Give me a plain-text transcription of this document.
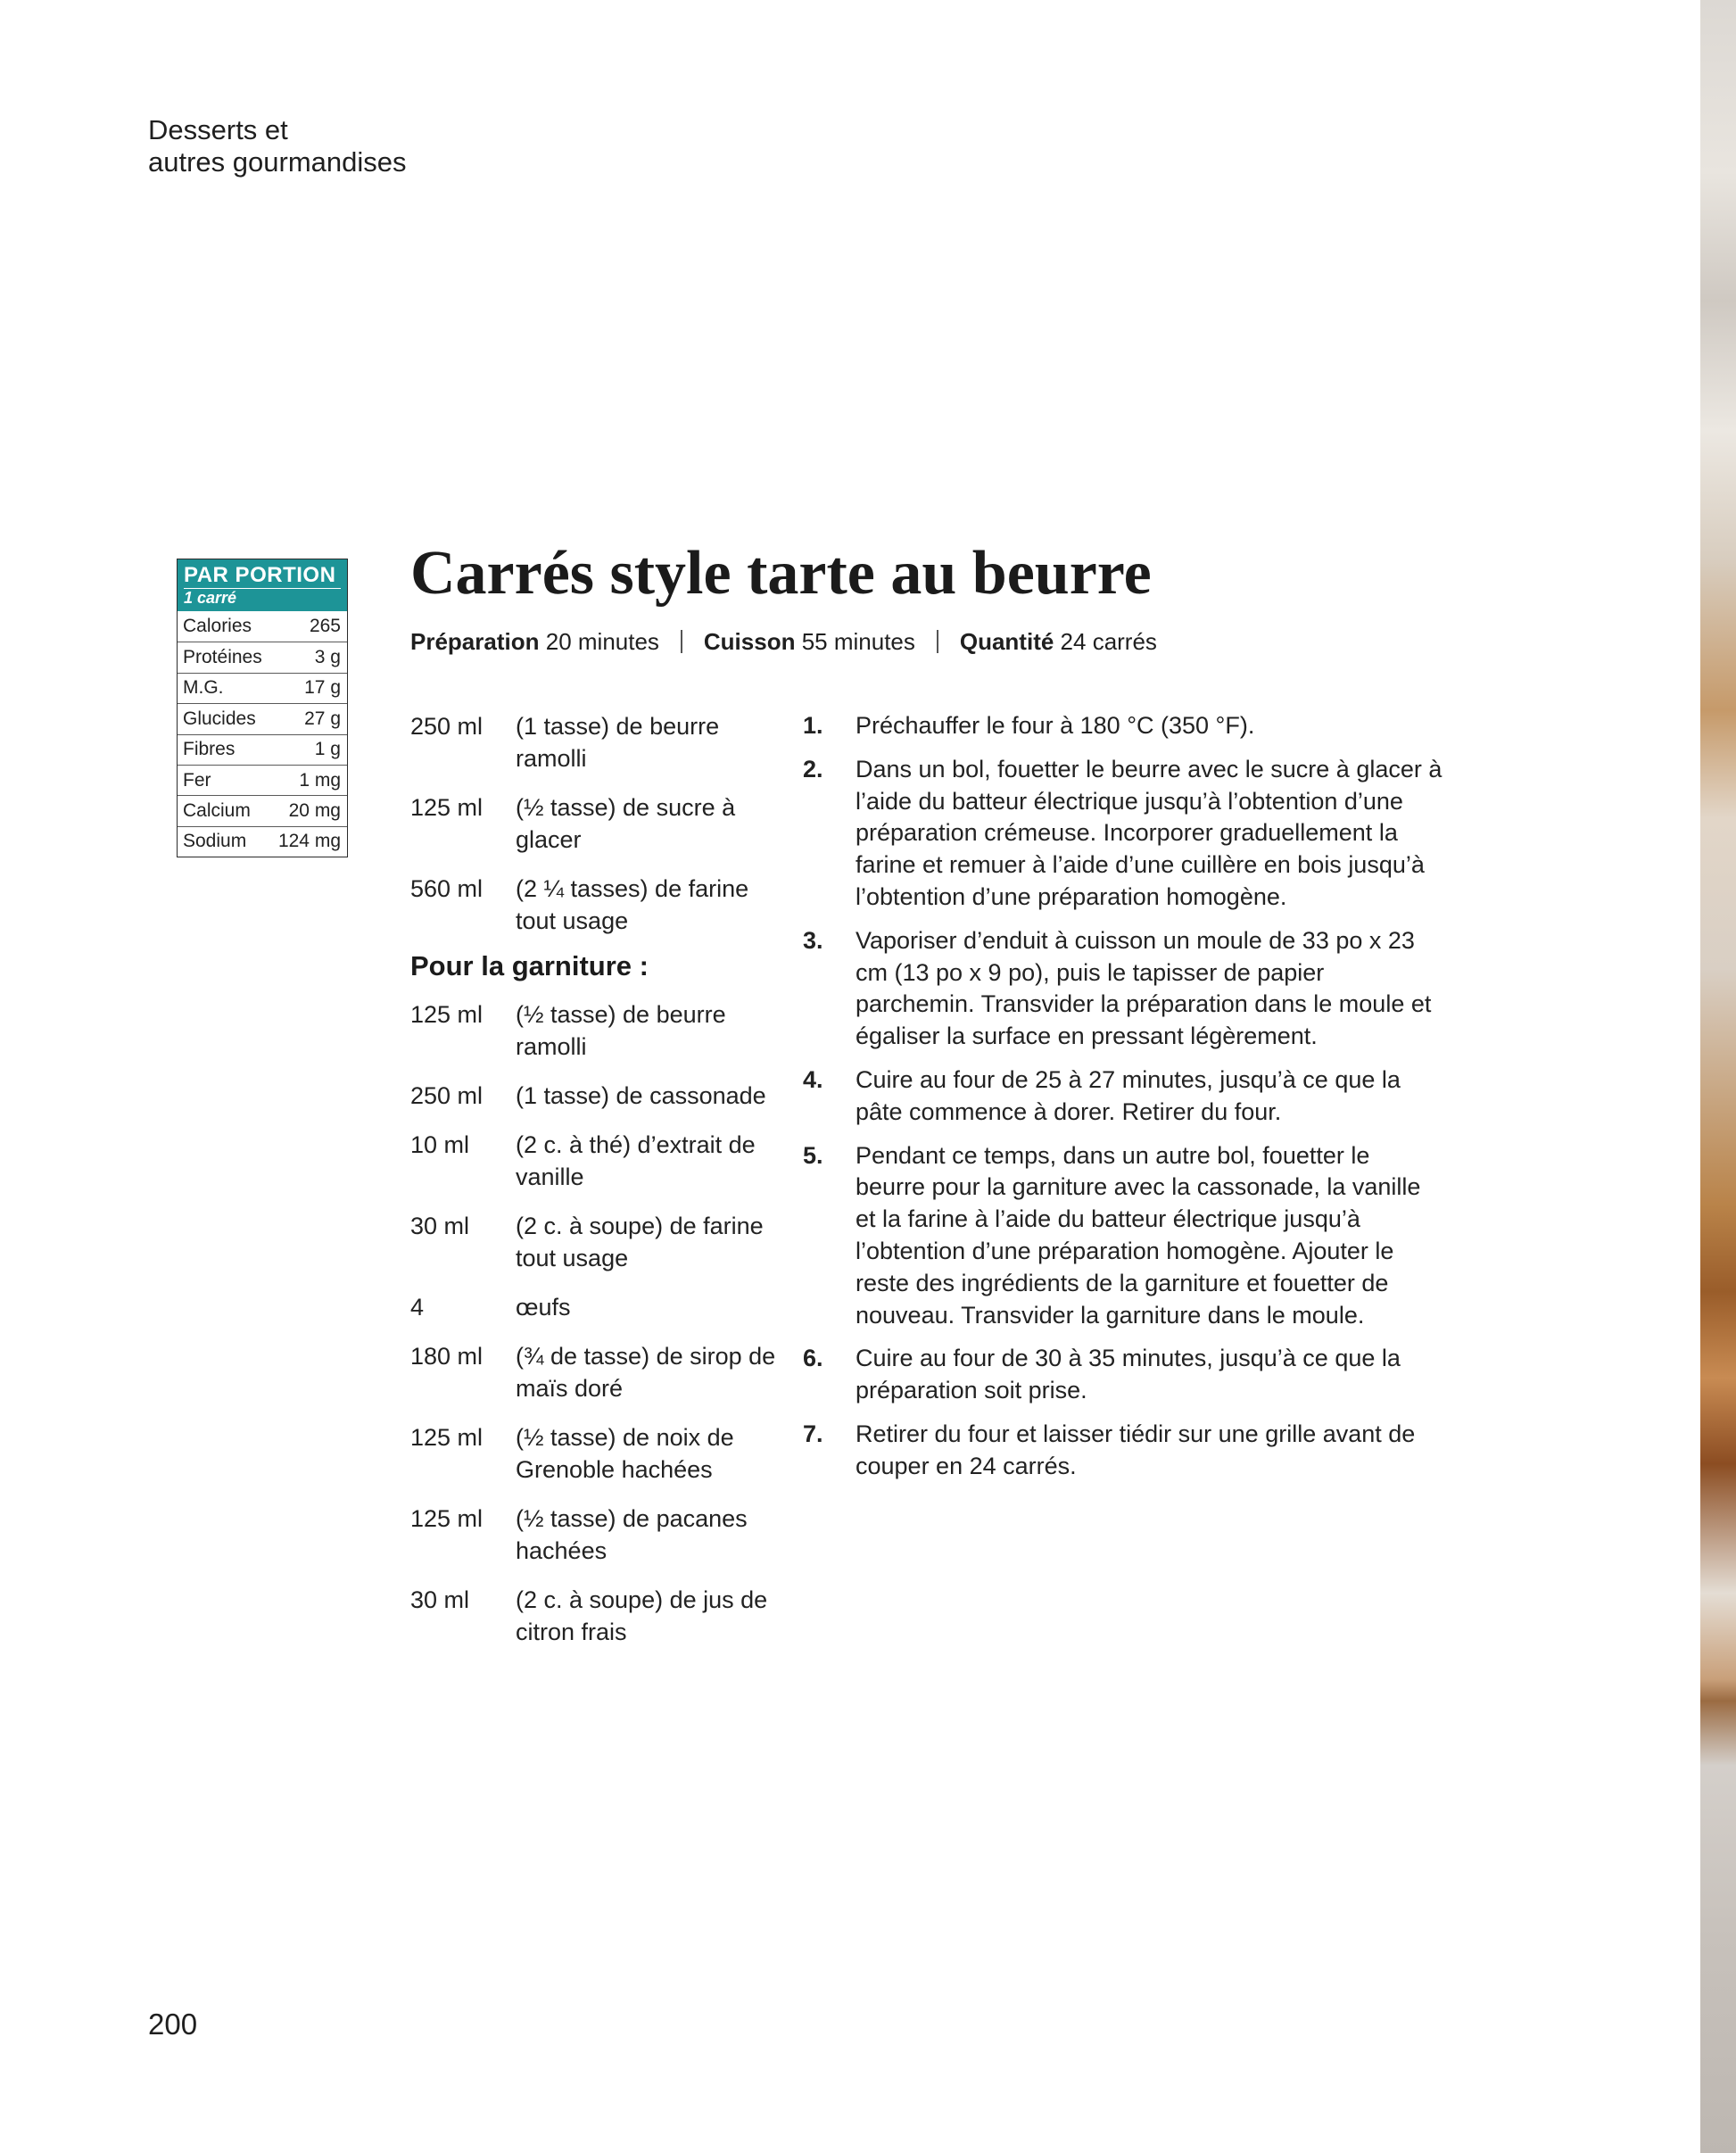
Desserts et
autres gourmandises
PAR PORTION
1 carré
Calories	265
Protéines	3 g
M.G.	17 g
Glucides	27 g
Fibres	1 g
Fer	1 mg
Calcium 20 mg
Sodium 124 mg
Carrés style tarte au beurre
Préparation 20 minutes Cuisson 55 minutes Quantité 24 carrés
250 ml	(1 tasse) de beurre ramolli
125 ml	(½ tasse) de sucre à glacer
560 ml	(2 ¼ tasses) de farine tout usage
Pour la garniture :
125 ml	(½ tasse) de beurre ramolli
250 ml	(1 tasse) de cassonade
10 ml	(2 c. à thé) d’extrait de vanille
30 ml	(2 c. à soupe) de farine tout usage
4	œufs
180 ml	(¾ de tasse) de sirop de maïs doré
125 ml	(½ tasse) de noix de Grenoble hachées
125 ml	(½ tasse) de pacanes hachées
30 ml	(2 c. à soupe) de jus de citron frais
1.	Préchauffer le four à 180 °C (350 °F).
2.	Dans un bol, fouetter le beurre avec le sucre à glacer à l’aide du batteur électrique jusqu’à l’obtention d’une préparation crémeuse. Incorporer graduellement la farine et remuer à l’aide d’une cuillère en bois jusqu’à l’obtention d’une préparation homogène.
3.	Vaporiser d’enduit à cuisson un moule de 33 po x 23 cm (13 po x 9 po), puis le tapisser de papier parchemin. Transvider la préparation dans le moule et égaliser la surface en pressant légèrement.
4.	Cuire au four de 25 à 27 minutes, jusqu’à ce que la pâte commence à dorer. Retirer du four.
5.	Pendant ce temps, dans un autre bol, fouetter le beurre pour la garniture avec la cassonade, la vanille et la farine à l’aide du batteur électrique jusqu’à l’obtention d’une préparation homogène. Ajouter le reste des ingrédients de la garniture et fouetter de nouveau. Transvider la garniture dans le moule.
6.	Cuire au four de 30 à 35 minutes, jusqu’à ce que la préparation soit prise.
7.	Retirer du four et laisser tiédir sur une grille avant de couper en 24 carrés.
200
